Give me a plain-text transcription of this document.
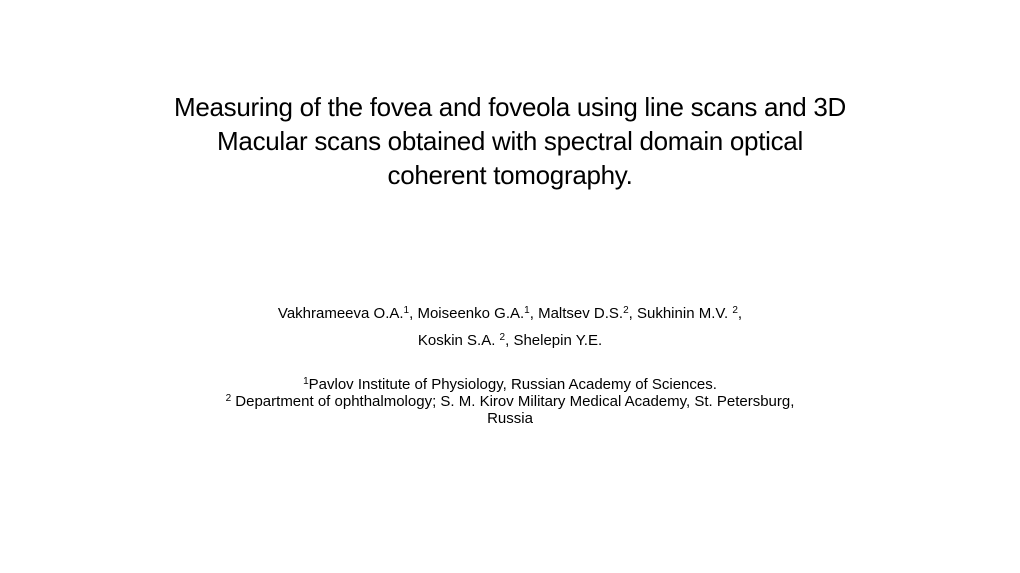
Measuring of the fovea and foveola using line scans and 3D
Macular scans obtained with spectral domain optical
coherent tomography.
Vakhrameeva O.A.$^1$, Moiseenko G.A.$^1$, Maltsev D.S.$^2$, Sukhinin M.V. $^2$,
Koskin S.A. $^2$, Shelepin Y.E.
$^1$Pavlov Institute of Physiology, Russian Academy of Sciences.
$^2$ Department of ophthalmology; S. M. Kirov Military Medical Academy, St. Petersburg,
Russia
